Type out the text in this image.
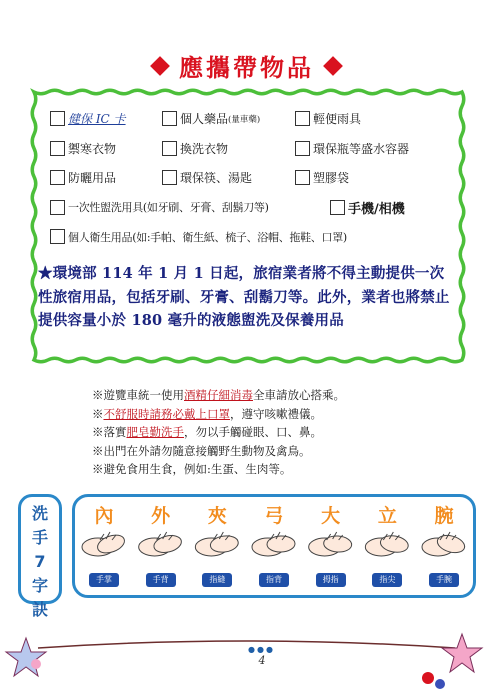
應攜帶物品
健保 IC 卡	個人藥品 (量車藥)	輕便雨具
禦寒衣物	換洗衣物	環保瓶等盛水容器
防曬用品	環保筷、湯匙	塑膠袋
一次性盥洗用具(如牙刷、牙膏、刮鬍刀等)	手機/相機
個人衛生用品(如:手帕、衛生紙、梳子、浴帽、拖鞋、口罩)
★環境部 114 年 1 月 1 日起，旅宿業者將不得主動提供一次性旅宿用品，包括牙刷、牙膏、刮鬍刀等。此外，業者也將禁止提供容量小於 180 毫升的液態盥洗及保養用品
※遊覽車統一使用酒精仔細消毒全車請放心搭乘。
※不舒服時請務必戴上口罩，遵守咳嗽禮儀。
※落實肥皂勤洗手，勿以手觸碰眼、口、鼻。
※出門在外請勿隨意接觸野生動物及禽鳥。
※避免食用生食，例如:生蛋、生肉等。
洗
手
7
字
訣
內 外 夾 弓 大 立 腕
手掌	手背	指縫	指背	拇指	指尖	手腕
●●●
4
